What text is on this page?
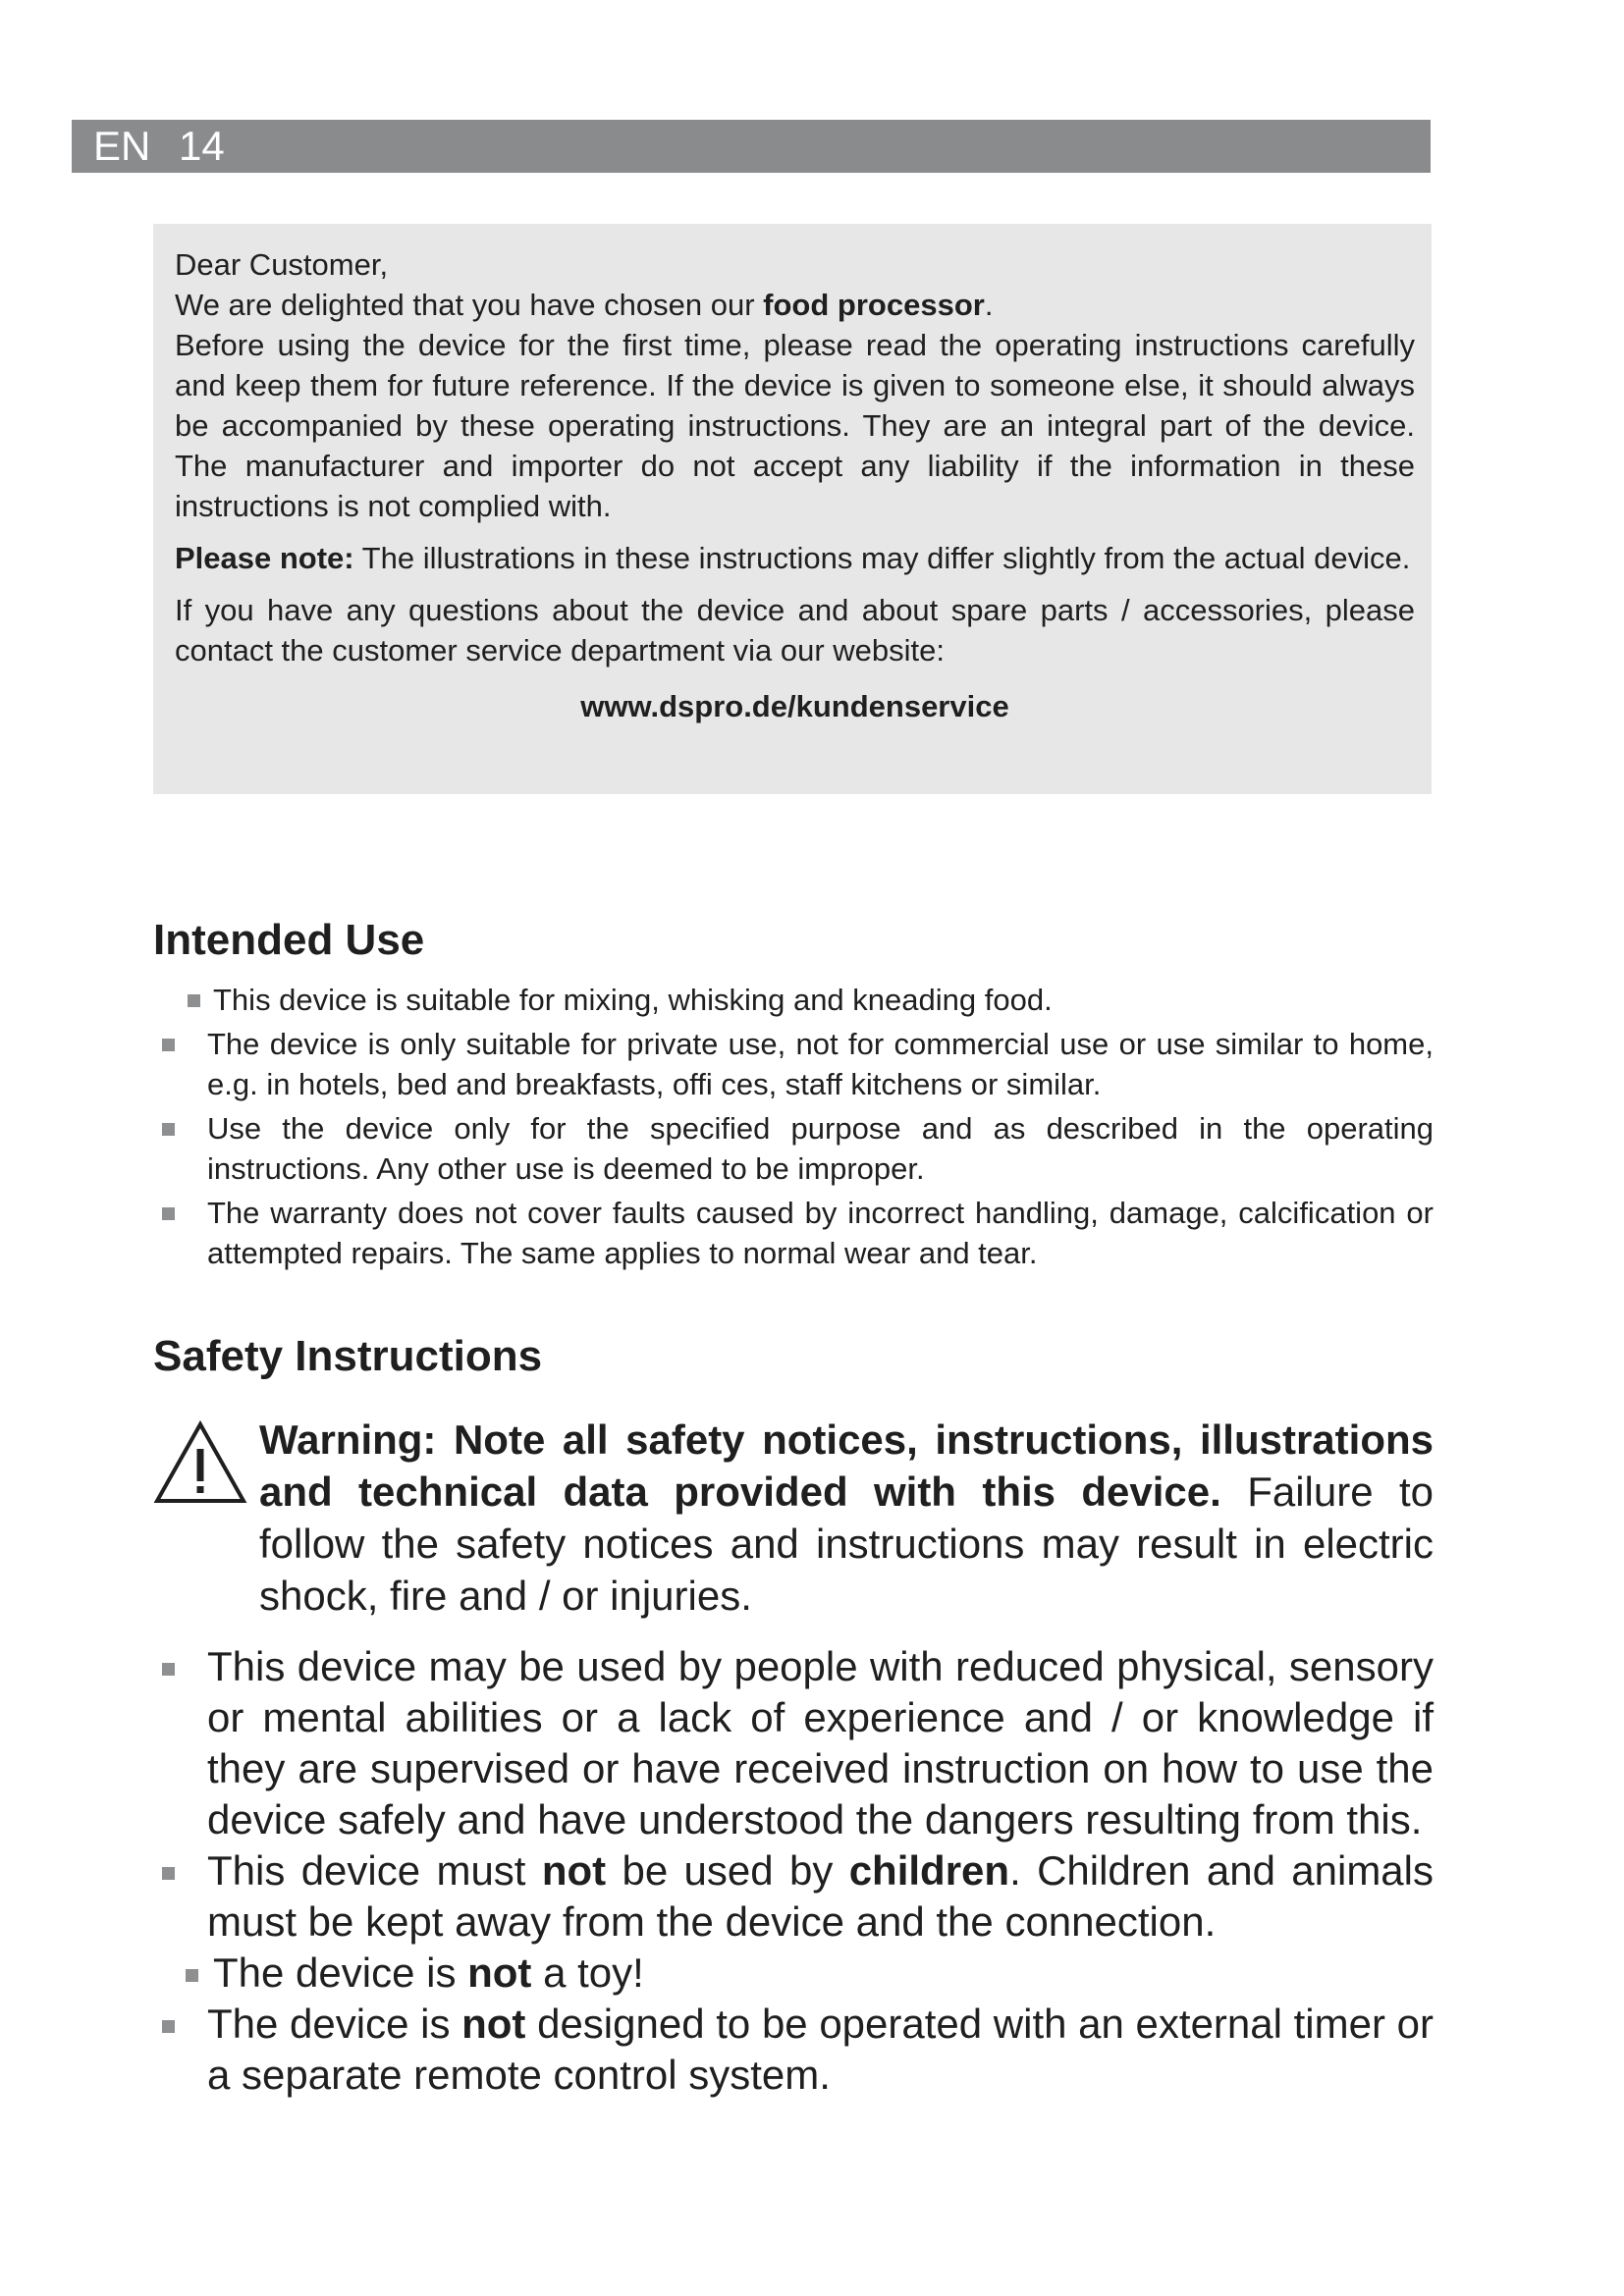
EN 14

Dear Customer,

We are delighted that you have chosen our food processor.

Before using the device for the first time, please read the operating instructions carefully and keep them for future reference. If the device is given to someone else, it should always be accompanied by these operating instructions. They are an integral part of the device. The manufacturer and importer do not accept any liability if the information in these instructions is not complied with.

Please note: The illustrations in these instructions may differ slightly from the actual device.

If you have any questions about the device and about spare parts / accessories, please contact the customer service department via our website:

www.dspro.de/kundenservice

Intended Use
This device is suitable for mixing, whisking and kneading food.
The device is only suitable for private use, not for commercial use or use similar to home, e.g. in hotels, bed and breakfasts, offi ces, staff kitchens or similar.
Use the device only for the specified purpose and as described in the operating instructions. Any other use is deemed to be improper.
The warranty does not cover faults caused by incorrect handling, damage, calcification or attempted repairs. The same applies to normal wear and tear.
Safety Instructions
Warning: Note all safety notices, instructions, illustrations and technical data provided with this device. Failure to follow the safety notices and instructions may result in electric shock, fire and / or injuries.
This device may be used by people with reduced physical, sensory or mental abilities or a lack of experience and / or knowledge if they are supervised or have received instruction on how to use the device safely and have understood the dangers resulting from this.
This device must not be used by children. Children and animals must be kept away from the device and the connection.
The device is not a toy!
The device is not designed to be operated with an external timer or a separate remote control system.
